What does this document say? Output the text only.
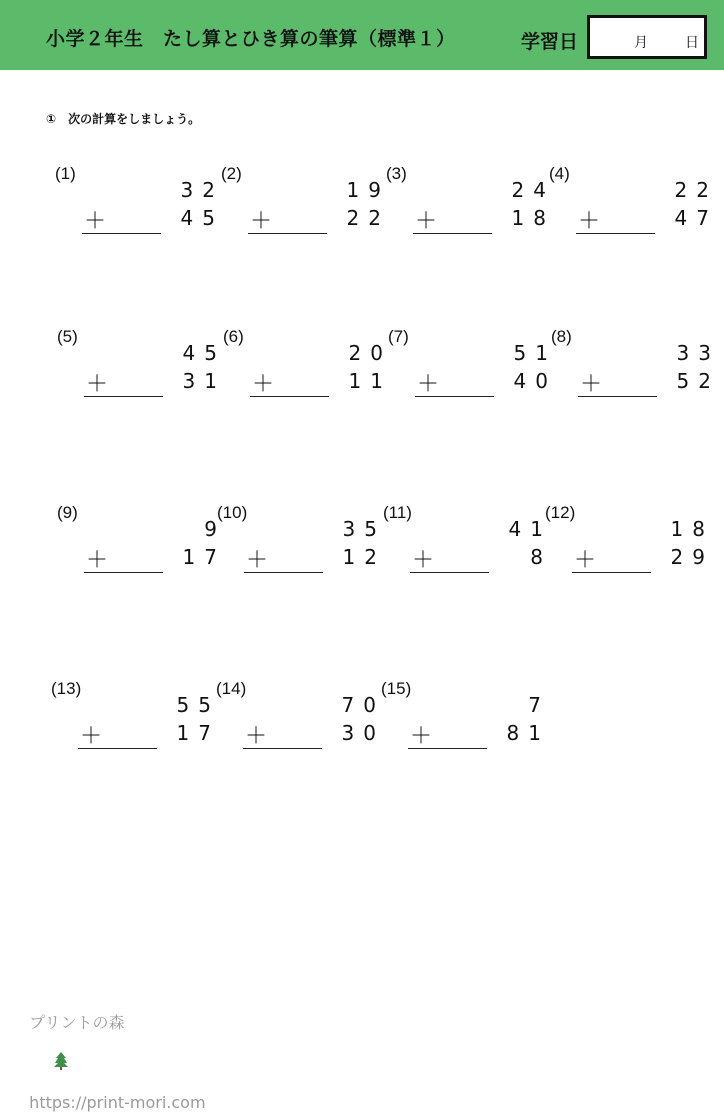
小学２年生　たし算とひき算の筆算（標準１）	学習日	月	日
①　次の計算をしましょう。
(1)
32
＋	45
(2)
19
＋	22
(3)
24
＋	18
(4)
22
＋	47
(5)
45
＋	31
(6)
20
＋	11
(7)
51
＋	40
(8)
33
＋	52
(9)
9
＋	17
(10)
35
＋	12
(11)
41
＋	8
(12)
18
＋	29
(13)
55
＋	17
(14)
70
＋	30
(15)
7
＋	81

プリントの森

https://print-mori.com
